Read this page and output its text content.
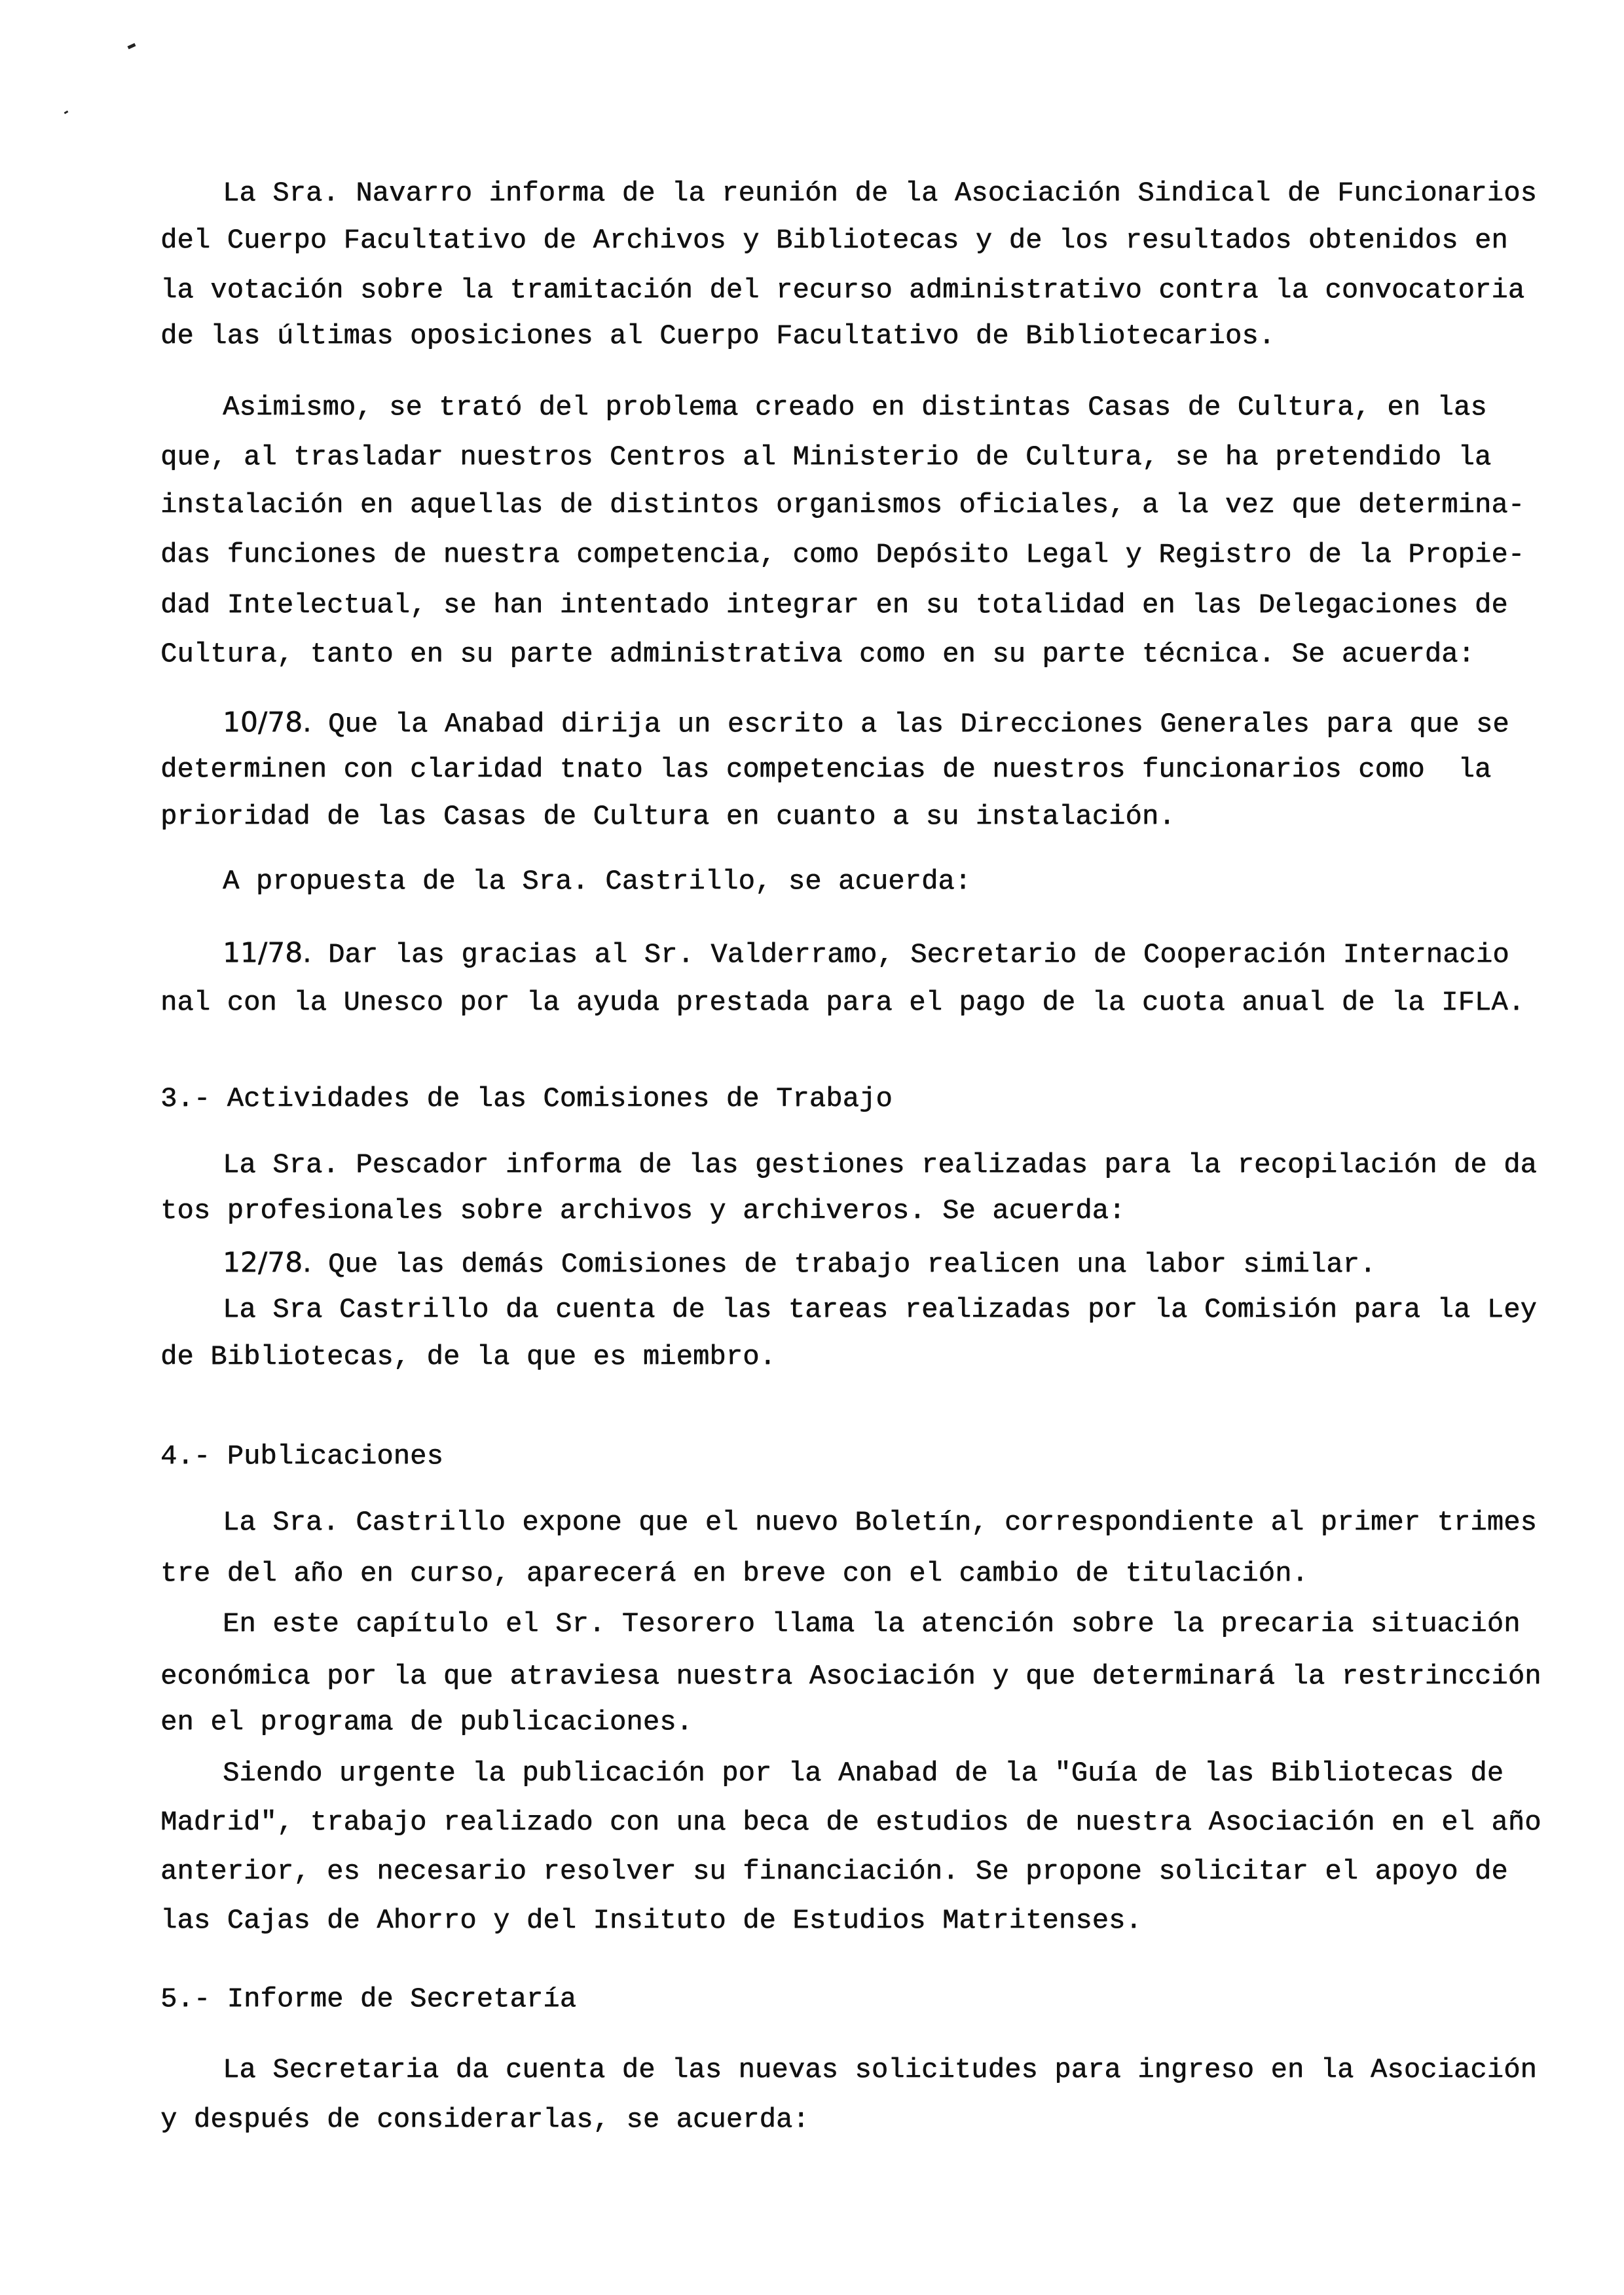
La Sra. Navarro informa de la reunión de la Asociación Sindical de Funcionarios
del Cuerpo Facultativo de Archivos y Bibliotecas y de los resultados obtenidos en
la votación sobre la tramitación del recurso administrativo contra la convocatoria
de las últimas oposiciones al Cuerpo Facultativo de Bibliotecarios.
Asimismo, se trató del problema creado en distintas Casas de Cultura, en las
que, al trasladar nuestros Centros al Ministerio de Cultura, se ha pretendido la
instalación en aquellas de distintos organismos oficiales, a la vez que determina-
das funciones de nuestra competencia, como Depósito Legal y Registro de la Propie-
dad Intelectual, se han intentado integrar en su totalidad en las Delegaciones de
Cultura, tanto en su parte administrativa como en su parte técnica. Se acuerda:
10/78. Que la Anabad dirija un escrito a las Direcciones Generales para que se
determinen con claridad tnato las competencias de nuestros funcionarios como  la
prioridad de las Casas de Cultura en cuanto a su instalación.
A propuesta de la Sra. Castrillo, se acuerda:
11/78. Dar las gracias al Sr. Valderramo, Secretario de Cooperación Internacio
nal con la Unesco por la ayuda prestada para el pago de la cuota anual de la IFLA.
3.- Actividades de las Comisiones de Trabajo
La Sra. Pescador informa de las gestiones realizadas para la recopilación de da
tos profesionales sobre archivos y archiveros. Se acuerda:
12/78. Que las demás Comisiones de trabajo realicen una labor similar.
La Sra Castrillo da cuenta de las tareas realizadas por la Comisión para la Ley
de Bibliotecas, de la que es miembro.
4.- Publicaciones
La Sra. Castrillo expone que el nuevo Boletín, correspondiente al primer trimes
tre del año en curso, aparecerá en breve con el cambio de titulación.
En este capítulo el Sr. Tesorero llama la atención sobre la precaria situación
económica por la que atraviesa nuestra Asociación y que determinará la restrincción
en el programa de publicaciones.
Siendo urgente la publicación por la Anabad de la "Guía de las Bibliotecas de
Madrid", trabajo realizado con una beca de estudios de nuestra Asociación en el año
anterior, es necesario resolver su financiación. Se propone solicitar el apoyo de
las Cajas de Ahorro y del Insituto de Estudios Matritenses.
5.- Informe de Secretaría
La Secretaria da cuenta de las nuevas solicitudes para ingreso en la Asociación
y después de considerarlas, se acuerda:
